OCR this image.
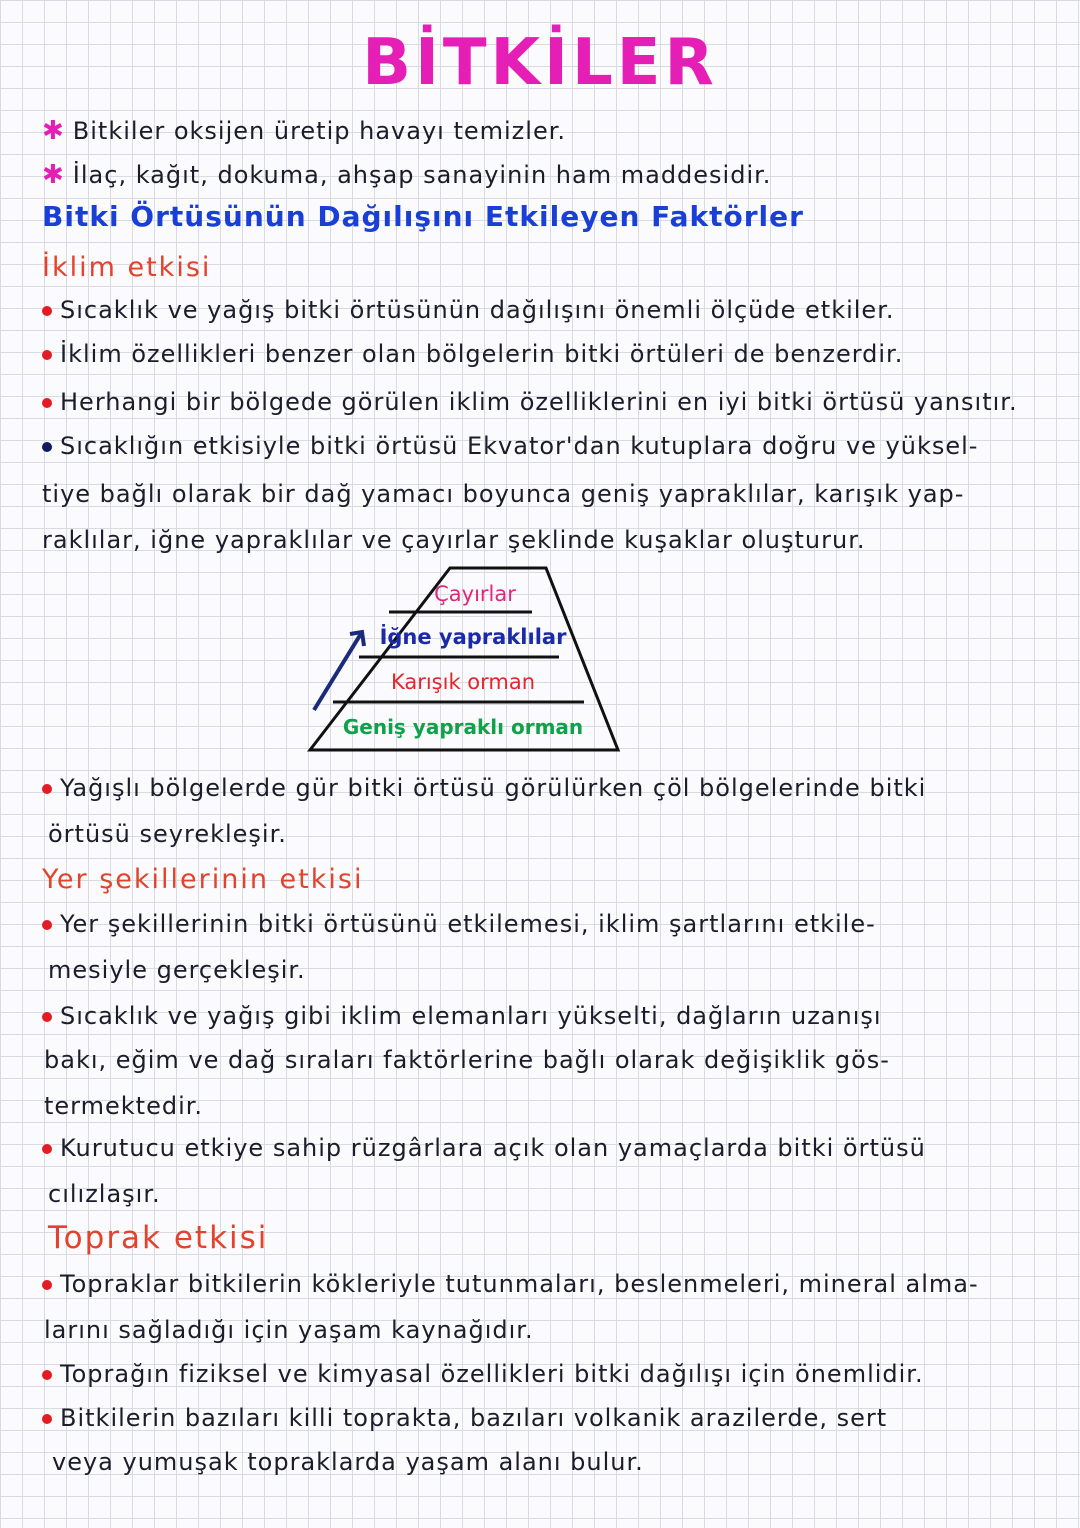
BİTKİLER
✱ Bitkiler oksijen üretip havayı temizler.
✱ İlaç, kağıt, dokuma, ahşap sanayinin ham maddesidir.
Bitki Örtüsünün Dağılışını Etkileyen Faktörler
İklim etkisi
Sıcaklık ve yağış bitki örtüsünün dağılışını önemli ölçüde etkiler.
İklim özellikleri benzer olan bölgelerin bitki örtüleri de benzerdir.
Herhangi bir bölgede görülen iklim özelliklerini en iyi bitki örtüsü yansıtır.
Sıcaklığın etkisiyle bitki örtüsü Ekvator'dan kutuplara doğru ve yüksel-
tiye bağlı olarak bir dağ yamacı boyunca geniş yapraklılar, karışık yap-
raklılar, iğne yapraklılar ve çayırlar şeklinde kuşaklar oluşturur.
Çayırlar
İğne yapraklılar
Karışık orman
Geniş yapraklı orman
Yağışlı bölgelerde gür bitki örtüsü görülürken çöl bölgelerinde bitki
örtüsü seyrekleşir.
Yer şekillerinin etkisi
Yer şekillerinin bitki örtüsünü etkilemesi, iklim şartlarını etkile-
mesiyle gerçekleşir.
Sıcaklık ve yağış gibi iklim elemanları yükselti, dağların uzanışı
bakı, eğim ve dağ sıraları faktörlerine bağlı olarak değişiklik gös-
termektedir.
Kurutucu etkiye sahip rüzgârlara açık olan yamaçlarda bitki örtüsü
cılızlaşır.
Toprak etkisi
Topraklar bitkilerin kökleriyle tutunmaları, beslenmeleri, mineral alma-
larını sağladığı için yaşam kaynağıdır.
Toprağın fiziksel ve kimyasal özellikleri bitki dağılışı için önemlidir.
Bitkilerin bazıları killi toprakta, bazıları volkanik arazilerde, sert
veya yumuşak topraklarda yaşam alanı bulur.
